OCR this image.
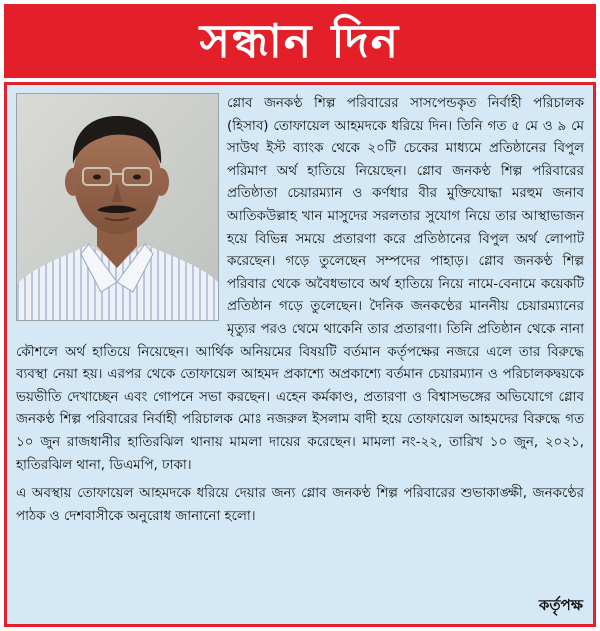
সন্ধান দিন

গ্লোব জনকণ্ঠ শিল্প পরিবারের সাসপেন্ডকৃত নির্বাহী পরিচালক (হিসাব) তোফায়েল আহমদকে ধরিয়ে দিন। তিনি গত ৫ মে ও ৯ মে সাউথ ইস্ট ব্যাংক থেকে ২০টি চেকের মাধ্যমে প্রতিষ্ঠানের বিপুল পরিমাণ অর্থ হাতিয়ে নিয়েছেন। গ্লোব জনকণ্ঠ শিল্প পরিবারের প্রতিষ্ঠাতা চেয়ারম্যান ও কর্ণধার বীর মুক্তিযোদ্ধা মরহুম জনাব আতিকউল্লাহ খান মাসুদের সরলতার সুযোগ নিয়ে তার আস্থাভাজন হয়ে বিভিন্ন সময়ে প্রতারণা করে প্রতিষ্ঠানের বিপুল অর্থ লোপাট করেছেন। গড়ে তুলেছেন সম্পদের পাহাড়। গ্লোব জনকণ্ঠ শিল্প পরিবার থেকে অবৈধভাবে অর্থ হাতিয়ে নিয়ে নামে-বেনামে কয়েকটি প্রতিষ্ঠান গড়ে তুলেছেন। দৈনিক জনকণ্ঠের মাননীয় চেয়ারম্যানের মৃত্যুর পরও থেমে থাকেনি তার প্রতারণা। তিনি প্রতিষ্ঠান থেকে নানা কৌশলে অর্থ হাতিয়ে নিয়েছেন। আর্থিক অনিয়মের বিষয়টি বর্তমান কর্তৃপক্ষের নজরে এলে তার বিরুদ্ধে ব্যবস্থা নেয়া হয়। এরপর থেকে তোফায়েল আহমদ প্রকাশ্যে অপ্রকাশ্যে বর্তমান চেয়ারম্যান ও পরিচালকদ্বয়কে ভয়ভীতি দেখাচ্ছেন এবং গোপনে সভা করছেন। এহেন কর্মকাণ্ড, প্রতারণা ও বিশ্বাসভঙ্গের অভিযোগে গ্লোব জনকণ্ঠ শিল্প পরিবারের নির্বাহী পরিচালক মোঃ নজরুল ইসলাম বাদী হয়ে তোফায়েল আহমদের বিরুদ্ধে গত ১০ জুন রাজধানীর হাতিরঝিল থানায় মামলা দায়ের করেছেন। মামলা নং-২২, তারিখ ১০ জুন, ২০২১, হাতিরঝিল থানা, ডিএমপি, ঢাকা।

এ অবস্থায় তোফায়েল আহমদকে ধরিয়ে দেয়ার জন্য গ্লোব জনকণ্ঠ শিল্প পরিবারের শুভাকাঙ্ক্ষী, জনকণ্ঠের পাঠক ও দেশবাসীকে অনুরোধ জানানো হলো।

কর্তৃপক্ষ
